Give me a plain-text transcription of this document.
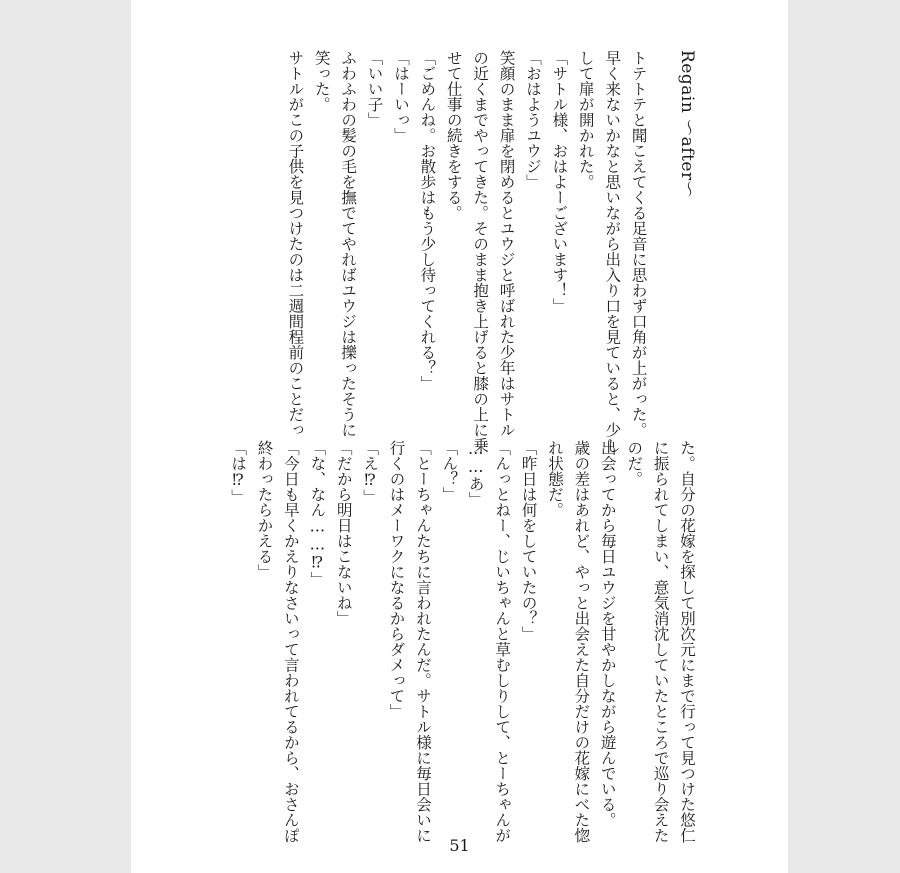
Regain ～after～

トテトテと聞こえてくる足音に思わず口角が上がった。

早く来ないかなと思いながら出入り口を見ていると、少し

して扉が開かれた。

「サトル様、おはよーございます！」

「おはようユウジ」

笑顔のまま扉を閉めるとユウジと呼ばれた少年はサトル

の近くまでやってきた。そのまま抱き上げると膝の上に乗

せて仕事の続きをする。

「ごめんね。お散歩はもう少し待ってくれる？」

「はーいっ」

「いい子」

ふわふわの髪の毛を撫でてやればユウジは擽ったそうに

笑った。

サトルがこの子供を見つけたのは二週間程前のことだっ

た。自分の花嫁を探して別次元にまで行って見つけた悠仁

に振られてしまい、意気消沈していたところで巡り会えた

のだ。

出会ってから毎日ユウジを甘やかしながら遊んでいる。

歳の差はあれど、やっと出会えた自分だけの花嫁にべた惚

れ状態だ。

「昨日は何をしていたの？」

「んっとねー、じいちゃんと草むしりして、とーちゃんが

……あ」

「ん？」

「とーちゃんたちに言われたんだ。サトル様に毎日会いに

行くのはメーワクになるからダメって」

「え⁉」

「だから明日はこないね」

「な、なん……⁉」

「今日も早くかえりなさいって言われてるから、おさんぽ

終わったらかえる」

「は⁉」

51
